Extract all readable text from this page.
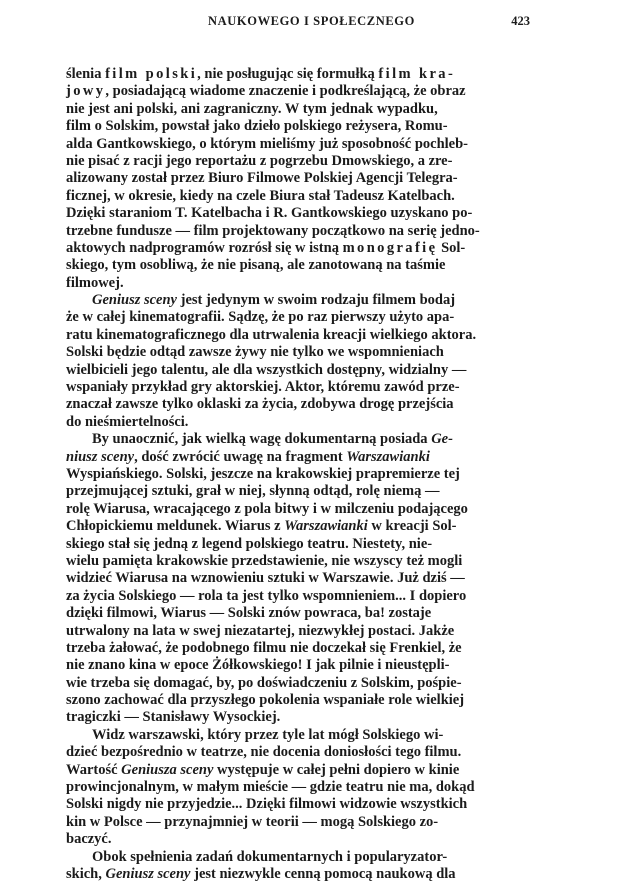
NAUKOWEGO I SPOŁECZNEGO	423
ślenia film polski, nie posługując się formułką film kra-
jowy, posiadającą wiadome znaczenie i podkreślającą, że obraz
nie jest ani polski, ani zagraniczny. W tym jednak wypadku,
film o Solskim, powstał jako dzieło polskiego reżysera, Romu-
alda Gantkowskiego, o którym mieliśmy już sposobność pochleb-
nie pisać z racji jego reportażu z pogrzebu Dmowskiego, a zre-
alizowany został przez Biuro Filmowe Polskiej Agencji Telegra-
ficznej, w okresie, kiedy na czele Biura stał Tadeusz Katelbach.
Dzięki staraniom T. Katelbacha i R. Gantkowskiego uzyskano po-
trzebne fundusze — film projektowany początkowo na serię jedno-
aktowych nadprogramów rozrósł się w istną monografię Sol-
skiego, tym osobliwą, że nie pisaną, ale zanotowaną na taśmie
filmowej.
Geniusz sceny jest jedynym w swoim rodzaju filmem bodaj
że w całej kinematografii. Sądzę, że po raz pierwszy użyto apa-
ratu kinematograficznego dla utrwalenia kreacji wielkiego aktora.
Solski będzie odtąd zawsze żywy nie tylko we wspomnieniach
wielbicieli jego talentu, ale dla wszystkich dostępny, widzialny —
wspaniały przykład gry aktorskiej. Aktor, któremu zawód prze-
znaczał zawsze tylko oklaski za życia, zdobywa drogę przejścia
do nieśmiertelności.
By unaocznić, jak wielką wagę dokumentarną posiada Ge-
niusz sceny, dość zwrócić uwagę na fragment Warszawianki
Wyspiańskiego. Solski, jeszcze na krakowskiej prapremierze tej
przejmującej sztuki, grał w niej, słynną odtąd, rolę niemą —
rolę Wiarusa, wracającego z pola bitwy i w milczeniu podającego
Chłopickiemu meldunek. Wiarus z Warszawianki w kreacji Sol-
skiego stał się jedną z legend polskiego teatru. Niestety, nie-
wielu pamięta krakowskie przedstawienie, nie wszyscy też mogli
widzieć Wiarusa na wznowieniu sztuki w Warszawie. Już dziś —
za życia Solskiego — rola ta jest tylko wspomnieniem... I dopiero
dzięki filmowi, Wiarus — Solski znów powraca, ba! zostaje
utrwalony na lata w swej niezatartej, niezwykłej postaci. Jakże
trzeba żałować, że podobnego filmu nie doczekał się Frenkiel, że
nie znano kina w epoce Żółkowskiego! I jak pilnie i nieustępli-
wie trzeba się domagać, by, po doświadczeniu z Solskim, pośpie-
szono zachować dla przyszłego pokolenia wspaniałe role wielkiej
tragiczki — Stanisławy Wysockiej.
Widz warszawski, który przez tyle lat mógł Solskiego wi-
dzieć bezpośrednio w teatrze, nie docenia doniosłości tego filmu.
Wartość Geniusza sceny występuje w całej pełni dopiero w kinie
prowincjonalnym, w małym mieście — gdzie teatru nie ma, dokąd
Solski nigdy nie przyjedzie... Dzięki filmowi widzowie wszystkich
kin w Polsce — przynajmniej w teorii — mogą Solskiego zo-
baczyć.
Obok spełnienia zadań dokumentarnych i popularyzator-
skich, Geniusz sceny jest niezwykle cenną pomocą naukową dla
